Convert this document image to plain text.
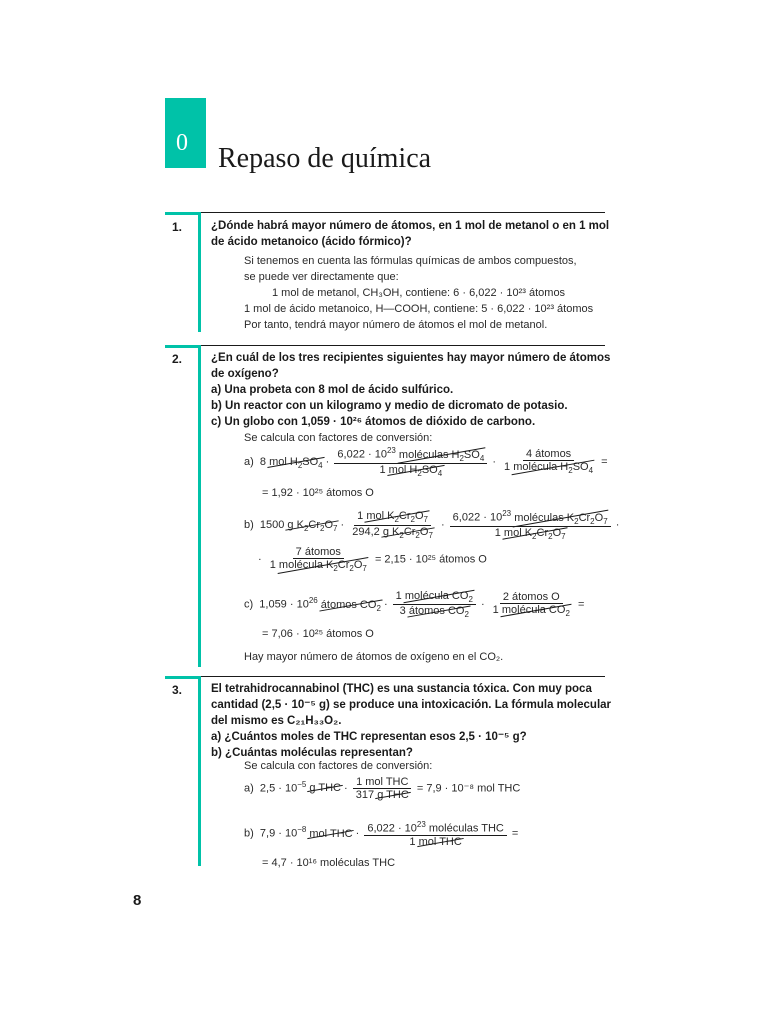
0 Repaso de química
1.	¿Dónde habrá mayor número de átomos, en 1 mol de metanol o en 1 mol
de ácido metanoico (ácido fórmico)?
Si tenemos en cuenta las fórmulas químicas de ambos compuestos,
se puede ver directamente que:
1 mol de metanol, CH₃OH, contiene: 6 · 6,022 · 10²³ átomos
1 mol de ácido metanoico, H—COOH, contiene: 5 · 6,022 · 10²³ átomos
Por tanto, tendrá mayor número de átomos el mol de metanol.
2.	¿En cuál de los tres recipientes siguientes hay mayor número de átomos
de oxígeno?
a) Una probeta con 8 mol de ácido sulfúrico.
b) Un reactor con un kilogramo y medio de dicromato de potasio.
c) Un globo con 1,059 · 10²⁶ átomos de dióxido de carbono.
Se calcula con factores de conversión:
a)  8 mol $H_2SO_4 \cdot \frac{6,022 \cdot 10^{23} moléculas H_2SO_4}{1 mol H_2SO_4} \cdot \frac{\text{4 átomos}}{1 molécula H_2SO_4}$ =
= 1,92 · 10²⁵ átomos O
b)  1500 g $K_2Cr_2O_7 \cdot \frac{1 mol K_2Cr_2O_7}{294,2 g K_2Cr_2O_7} \cdot \frac{6,022 \cdot 10^{23} moléculas K_2Cr_2O_7}{1 mol K_2Cr_2O_7}$ ·
· $\frac{\text{7 átomos}}{1 molécula K_2Cr_2O_7} = 2,15 \cdot 10^{25}$ átomos O
c)  $1,059 \cdot 10^{26}$ átomos $CO_2 \cdot \frac{1 molécula CO_2}{3 átomos CO_2} \cdot \frac{\text{2 átomos O}}{1 molécula CO_2}$ =
= 7,06 · 10²⁵ átomos O
Hay mayor número de átomos de oxígeno en el CO₂.
3.	El tetrahidrocannabinol (THC) es una sustancia tóxica. Con muy poca
cantidad (2,5 · 10⁻⁵ g) se produce una intoxicación. La fórmula molecular
del mismo es C₂₁H₃₃O₂.
a) ¿Cuántos moles de THC representan esos 2,5 · 10⁻⁵ g?
b) ¿Cuántas moléculas representan?
Se calcula con factores de conversión:
a)  $2,5 \cdot 10^{-5}$ g THC · $\frac{\text{1 mol THC}}{\text{317 g THC}} = 7,9 \cdot 10^{-8}$ mol THC
b)  $7,9 \cdot 10^{-8}$ mol THC · $\frac{6,022 \cdot 10^{23} moléculas THC}{\text{1 mol THC}}$ =
= 4,7 · 10¹⁶ moléculas THC
8
